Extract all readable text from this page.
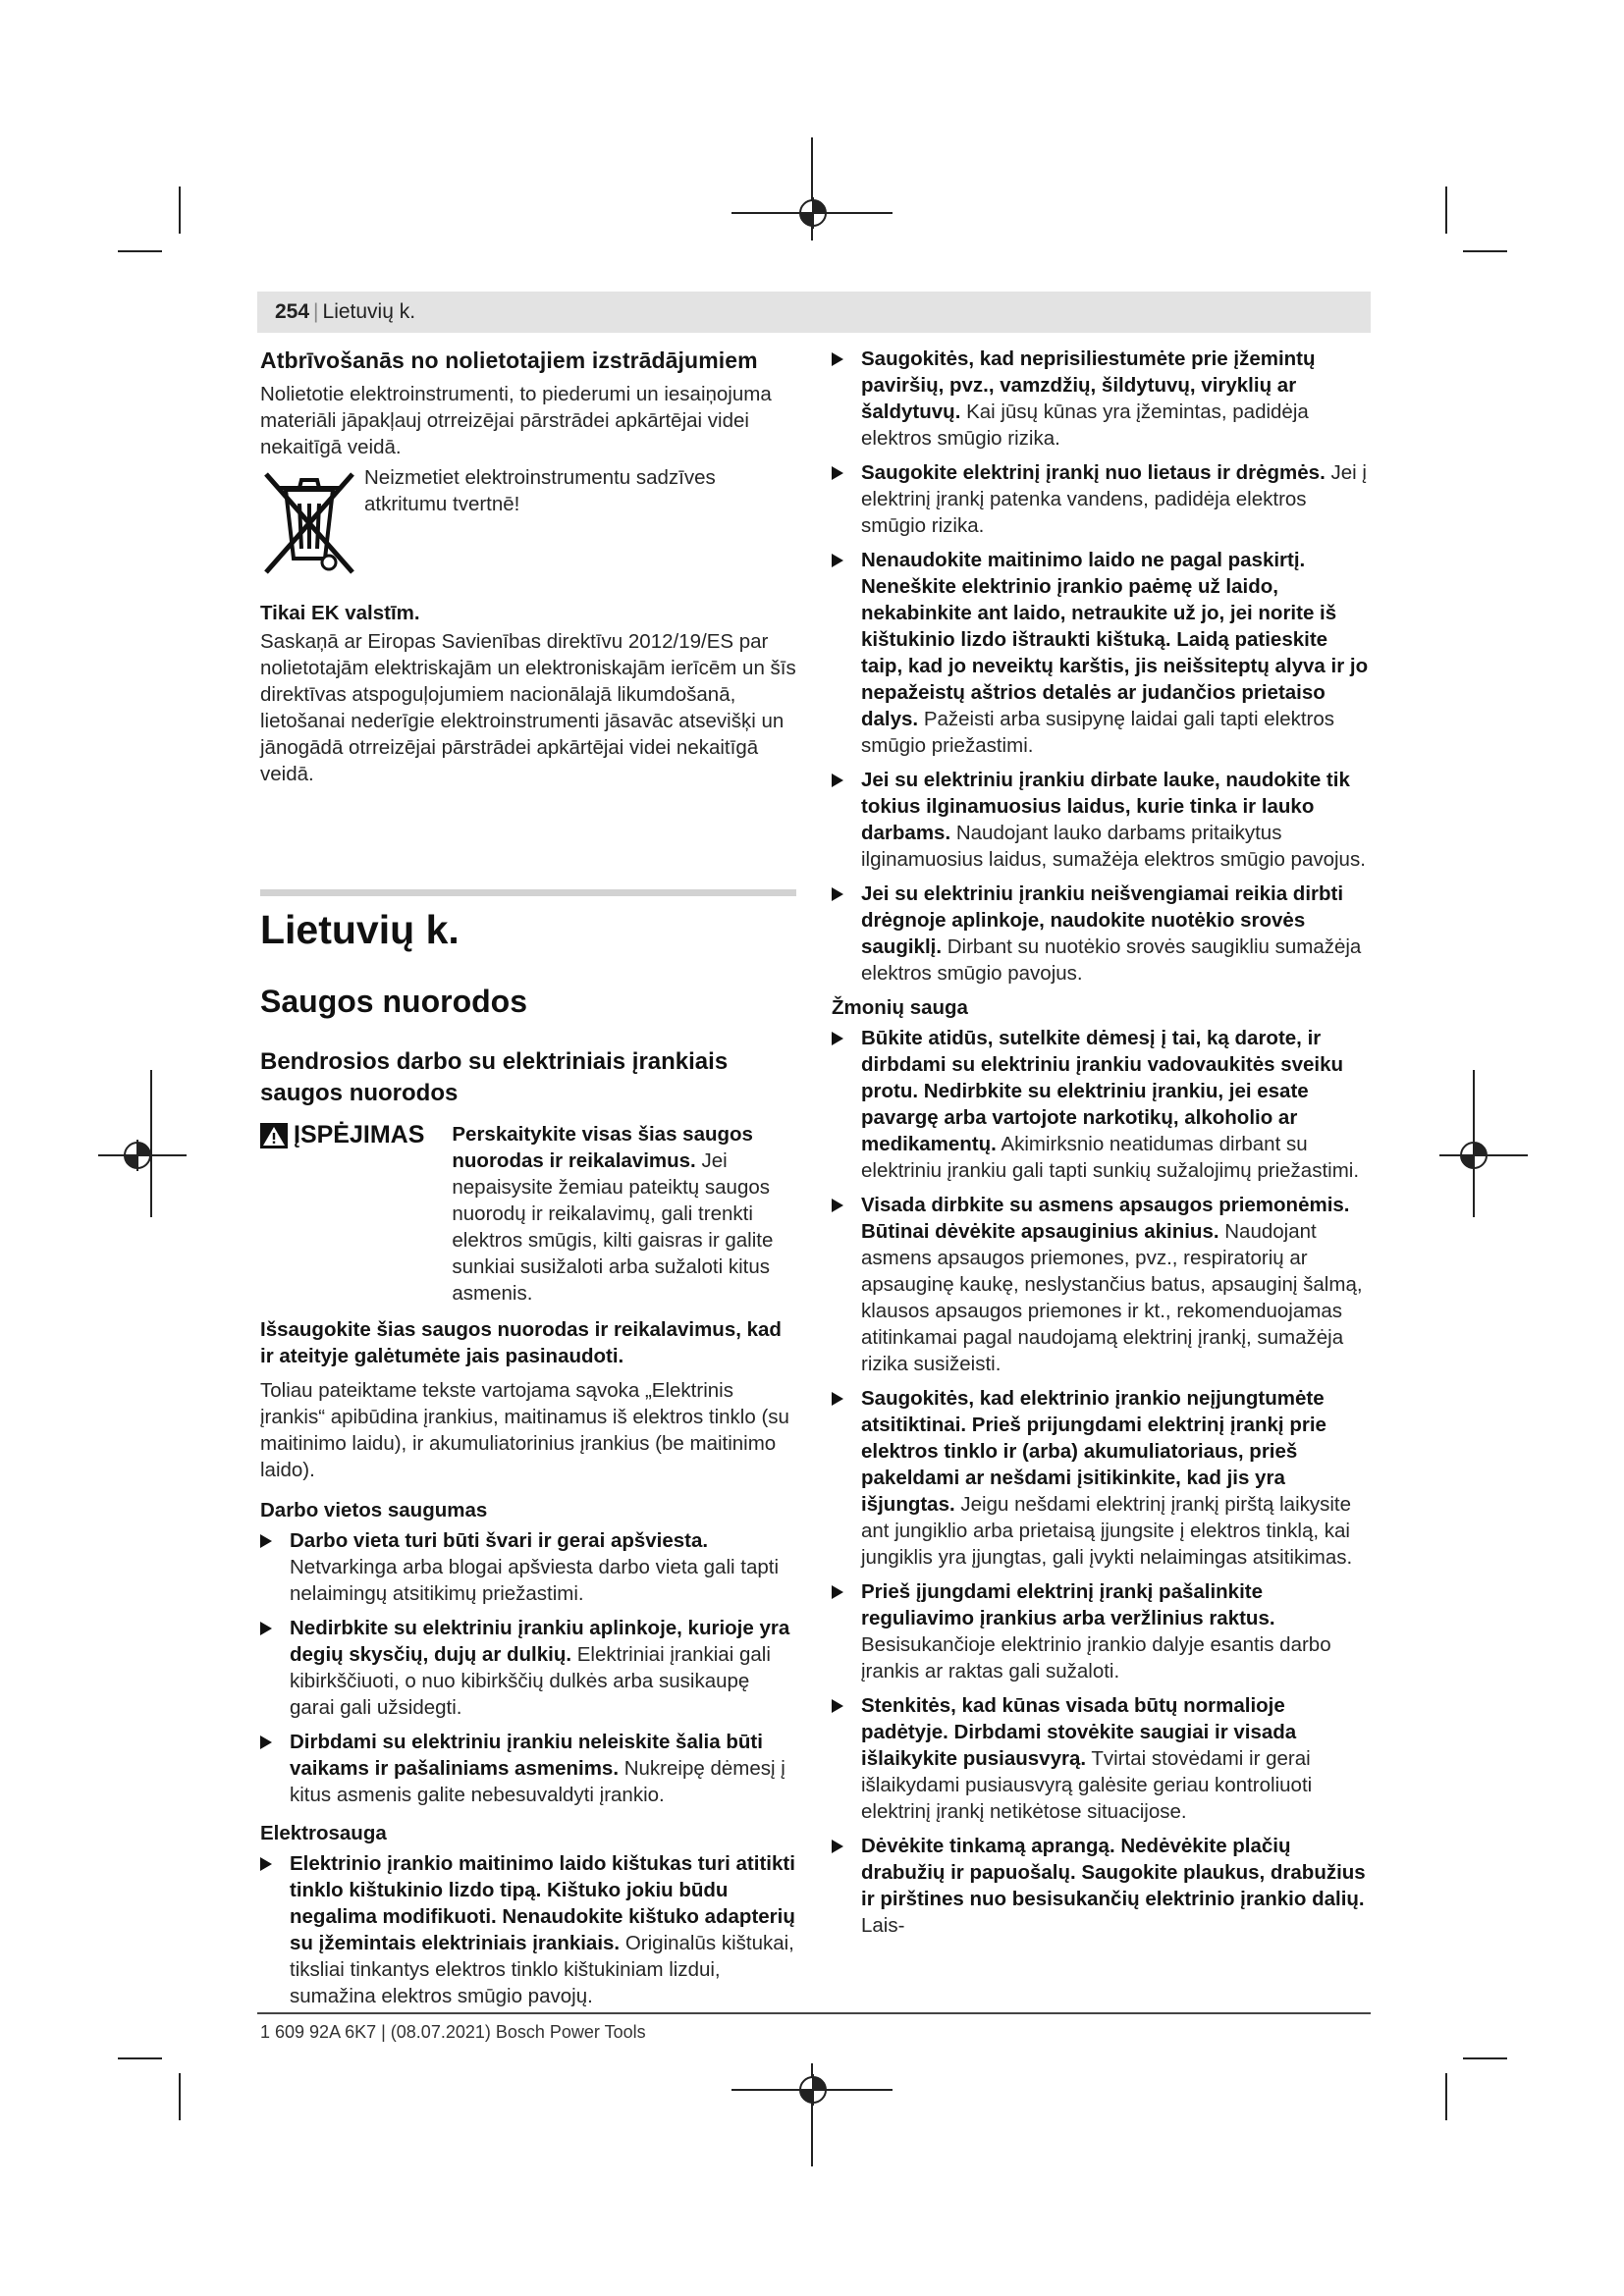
254 | Lietuvių k.

Atbrīvošanās no nolietotajiem izstrādājumiem

Nolietotie elektroinstrumenti, to piederumi un iesaiņojuma materiāli jāpakļauj otrreizējai pārstrādei apkārtējai videi nekaitīgā veidā.

Neizmetiet elektroinstrumentu sadzīves atkritumu tvertnē!

Tikai EK valstīm.

Saskaņā ar Eiropas Savienības direktīvu 2012/19/ES par nolietotajām elektriskajām un elektroniskajām ierīcēm un šīs direktīvas atspoguļojumiem nacionālajā likumdošanā, lietošanai nederīgie elektroinstrumenti jāsavāc atsevišķi un jānogādā otrreizējai pārstrādei apkārtējai videi nekaitīgā veidā.

Lietuvių k.
Saugos nuorodos
Bendrosios darbo su elektriniais įrankiais saugos nuorodos
ĮSPĖJIMAS Perskaitykite visas šias saugos nuorodas ir reikalavimus. Jei nepaisysite žemiau pateiktų saugos nuorodų ir reikalavimų, gali trenkti elektros smūgis, kilti gaisras ir galite sunkiai susižaloti arba sužaloti kitus asmenis.

Išsaugokite šias saugos nuorodas ir reikalavimus, kad ir ateityje galėtumėte jais pasinaudoti.

Toliau pateiktame tekste vartojama sąvoka „Elektrinis įrankis“ apibūdina įrankius, maitinamus iš elektros tinklo (su maitinimo laidu), ir akumuliatorinius įrankius (be maitinimo laido).

Darbo vietos saugumas

Darbo vieta turi būti švari ir gerai apšviesta. Netvarkinga arba blogai apšviesta darbo vieta gali tapti nelaimingų atsitikimų priežastimi.
Nedirbkite su elektriniu įrankiu aplinkoje, kurioje yra degių skysčių, dujų ar dulkių. Elektriniai įrankiai gali kibirkščiuoti, o nuo kibirkščių dulkės arba susikaupę garai gali užsidegti.
Dirbdami su elektriniu įrankiu neleiskite šalia būti vaikams ir pašaliniams asmenims. Nukreipę dėmesį į kitus asmenis galite nebesuvaldyti įrankio.

Elektrosauga

Elektrinio įrankio maitinimo laido kištukas turi atitikti tinklo kištukinio lizdo tipą. Kištuko jokiu būdu negalima modifikuoti. Nenaudokite kištuko adapterių su įžemintais elektriniais įrankiais. Originalūs kištukai, tiksliai tinkantys elektros tinklo kištukiniam lizdui, sumažina elektros smūgio pavojų.
Saugokitės, kad neprisiliestumėte prie įžemintų paviršių, pvz., vamzdžių, šildytuvų, viryklių ar šaldytuvų. Kai jūsų kūnas yra įžemintas, padidėja elektros smūgio rizika.
Saugokite elektrinį įrankį nuo lietaus ir drėgmės. Jei į elektrinį įrankį patenka vandens, padidėja elektros smūgio rizika.
Nenaudokite maitinimo laido ne pagal paskirtį. Neneškite elektrinio įrankio paėmę už laido, nekabinkite ant laido, netraukite už jo, jei norite iš kištukinio lizdo ištraukti kištuką. Laidą patieskite taip, kad jo neveiktų karštis, jis neišsiteptų alyva ir jo nepažeistų aštrios detalės ar judančios prietaiso dalys. Pažeisti arba susipynę laidai gali tapti elektros smūgio priežastimi.
Jei su elektriniu įrankiu dirbate lauke, naudokite tik tokius ilginamuosius laidus, kurie tinka ir lauko darbams. Naudojant lauko darbams pritaikytus ilginamuosius laidus, sumažėja elektros smūgio pavojus.
Jei su elektriniu įrankiu neišvengiamai reikia dirbti drėgnoje aplinkoje, naudokite nuotėkio srovės saugiklį. Dirbant su nuotėkio srovės saugikliu sumažėja elektros smūgio pavojus.

Žmonių sauga

Būkite atidūs, sutelkite dėmesį į tai, ką darote, ir dirbdami su elektriniu įrankiu vadovaukitės sveiku protu. Nedirbkite su elektriniu įrankiu, jei esate pavargę arba vartojote narkotikų, alkoholio ar medikamentų. Akimirksnio neatidumas dirbant su elektriniu įrankiu gali tapti sunkių sužalojimų priežastimi.
Visada dirbkite su asmens apsaugos priemonėmis. Būtinai dėvėkite apsauginius akinius. Naudojant asmens apsaugos priemones, pvz., respiratorių ar apsauginę kaukę, neslystančius batus, apsauginį šalmą, klausos apsaugos priemones ir kt., rekomenduojamas atitinkamai pagal naudojamą elektrinį įrankį, sumažėja rizika susižeisti.
Saugokitės, kad elektrinio įrankio neįjungtumėte atsitiktinai. Prieš prijungdami elektrinį įrankį prie elektros tinklo ir (arba) akumuliatoriaus, prieš pakeldami ar nešdami įsitikinkite, kad jis yra išjungtas. Jeigu nešdami elektrinį įrankį pirštą laikysite ant jungiklio arba prietaisą įjungsite į elektros tinklą, kai jungiklis yra įjungtas, gali įvykti nelaimingas atsitikimas.
Prieš įjungdami elektrinį įrankį pašalinkite reguliavimo įrankius arba veržlinius raktus. Besisukančioje elektrinio įrankio dalyje esantis darbo įrankis ar raktas gali sužaloti.
Stenkitės, kad kūnas visada būtų normalioje padėtyje. Dirbdami stovėkite saugiai ir visada išlaikykite pusiausvyrą. Tvirtai stovėdami ir gerai išlaikydami pusiausvyrą galėsite geriau kontroliuoti elektrinį įrankį netikėtose situacijose.
Dėvėkite tinkamą aprangą. Nedėvėkite plačių drabužių ir papuošalų. Saugokite plaukus, drabužius ir pirštines nuo besisukančių elektrinio įrankio dalių. Lais-
1 609 92A 6K7 | (08.07.2021) Bosch Power Tools
